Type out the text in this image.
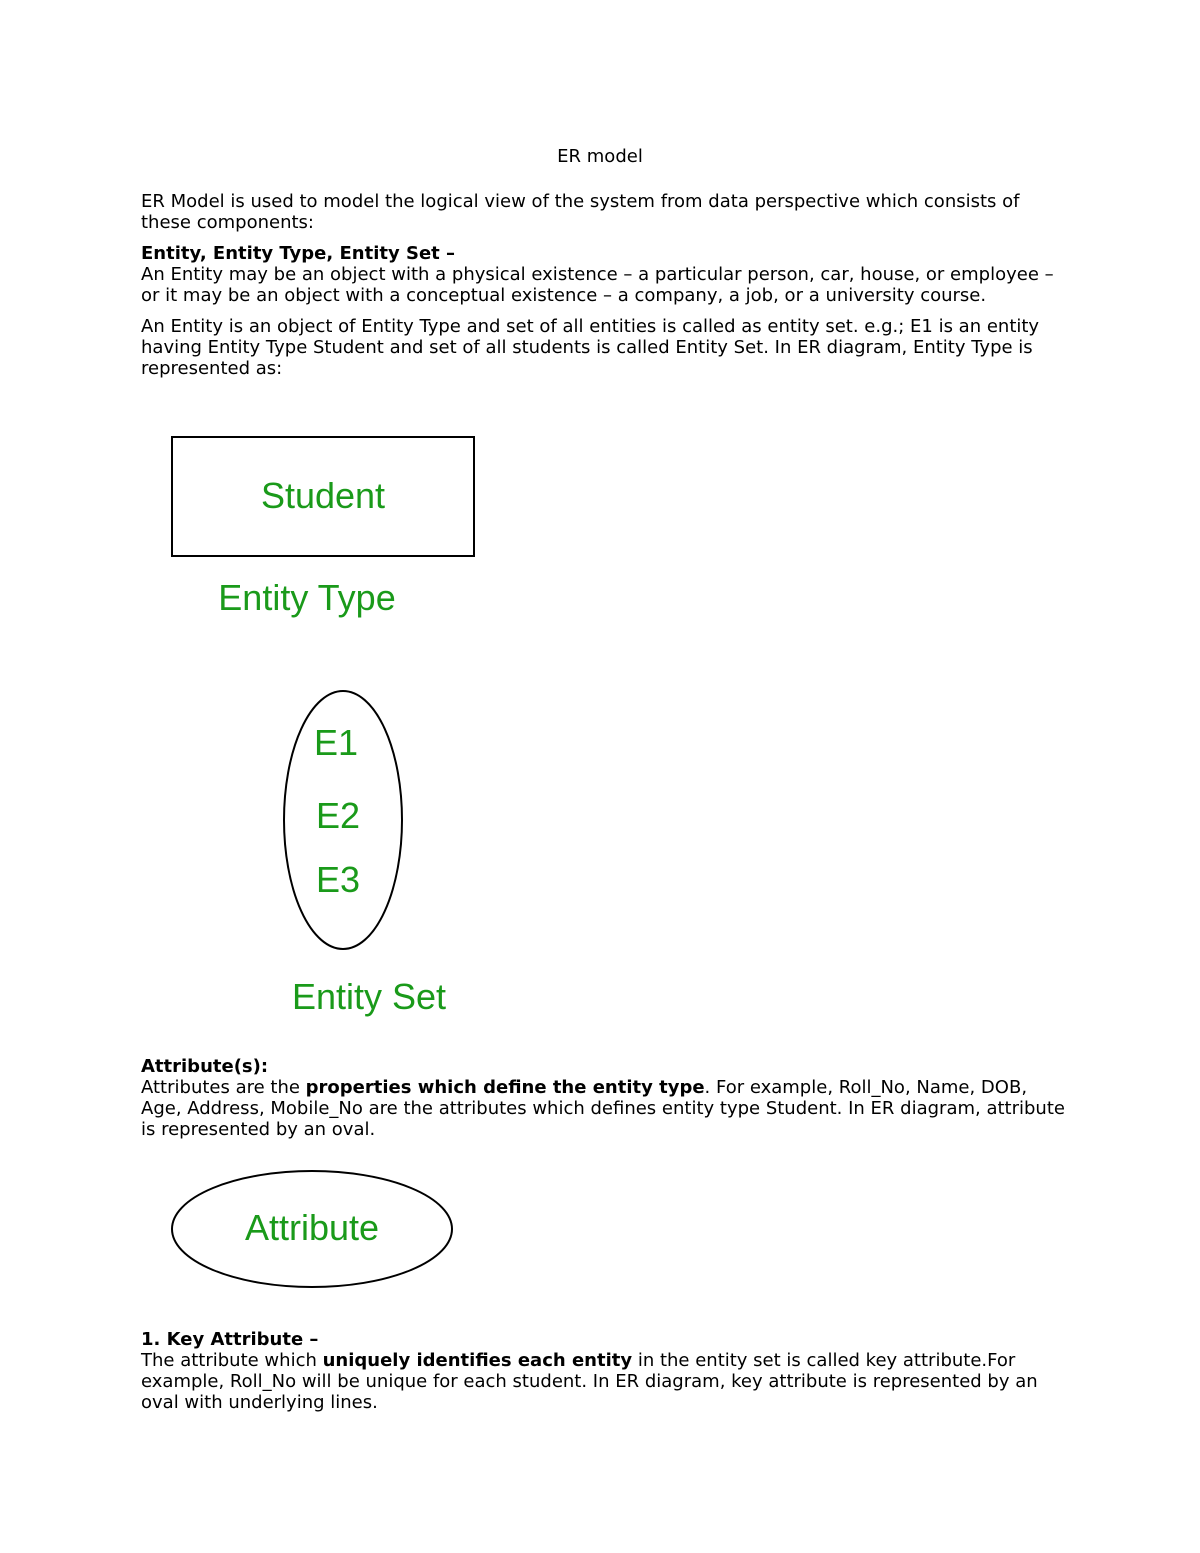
ER model

ER Model is used to model the logical view of the system from data perspective which consists of these components:

Entity, Entity Type, Entity Set –

An Entity may be an object with a physical existence – a particular person, car, house, or employee – or it may be an object with a conceptual existence – a company, a job, or a university course.

An Entity is an object of Entity Type and set of all entities is called as entity set. e.g.; E1 is an entity having Entity Type Student and set of all students is called Entity Set. In ER diagram, Entity Type is represented as:

Student
Entity Type
E1
E2
E3
Entity Set

Attribute(s):

Attributes are the properties which define the entity type. For example, Roll_No, Name, DOB, Age, Address, Mobile_No are the attributes which defines entity type Student. In ER diagram, attribute is represented by an oval.

Attribute

1. Key Attribute –

The attribute which uniquely identifies each entity in the entity set is called key attribute.For example, Roll_No will be unique for each student. In ER diagram, key attribute is represented by an oval with underlying lines.
